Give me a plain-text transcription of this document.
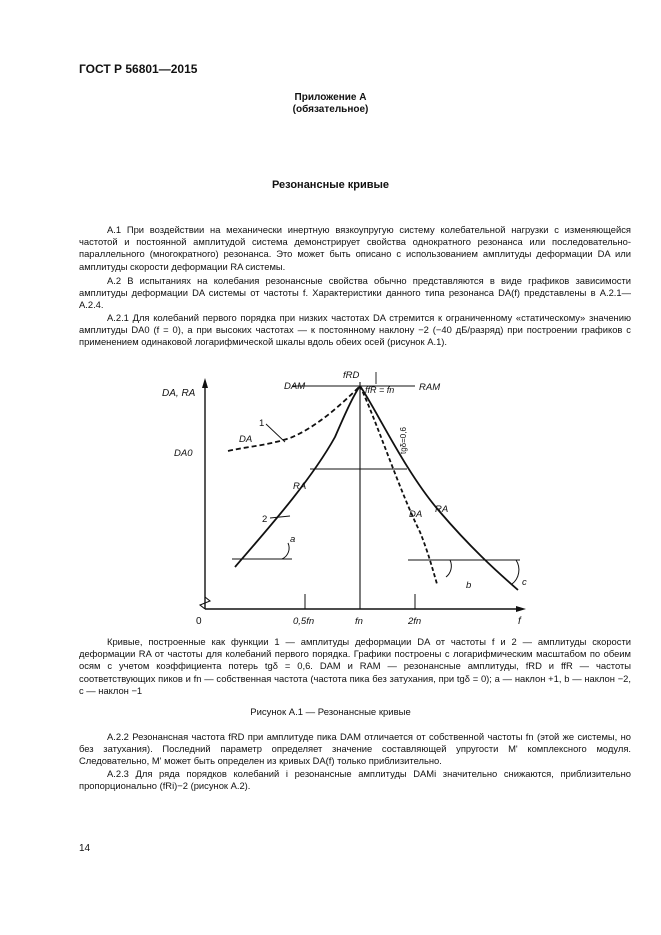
ГОСТ Р 56801—2015
Приложение А
(обязательное)
Резонансные кривые

А.1 При воздействии на механически инертную вязкоупругую систему колебательной нагрузки с изменяющейся частотой и постоянной амплитудой система демонстрирует свойства однократного резонанса или последовательно-параллельного (многократного) резонанса. Это может быть описано с использованием амплитуды деформации DA или амплитуды скорости деформации RA системы.

А.2 В испытаниях на колебания резонансные свойства обычно представляются в виде графиков зависимости амплитуды деформации DA системы от частоты f. Характеристики данного типа резонанса DA(f) представлены в А.2.1—А.2.4.

А.2.1 Для колебаний первого порядка при низких частотах DA стремится к ограниченному «статическому» значению амплитуды DA0 (f = 0), а при высоких частотах — к постоянному наклону −2 (−40 дБ/разряд) при построении графиков с применением одинаковой логарифмической шкалы вдоль обеих осей (рисунок А.1).

DA, RA
f
0	0,5fn	fn	2fn
fRD
ffR = fn
DAM	RAM
DA0
1
2
DA
RA
DA RA
tgδ=0,6
a
b	c

Кривые, построенные как функции 1 — амплитуды деформации DA от частоты f и 2 — амплитуды скорости деформации RA от частоты для колебаний первого порядка. Графики построены с логарифмическим масштабом по обеим осям с учетом коэффициента потерь tgδ = 0,6. DAM и RAM — резонансные амплитуды, fRD и ffR — частоты соответствующих пиков и fn — собственная частота (частота пика без затухания, при tgδ = 0); a — наклон +1, b — наклон −2, c — наклон −1

Рисунок А.1 — Резонансные кривые

А.2.2 Резонансная частота fRD при амплитуде пика DAM отличается от собственной частоты fn (этой же системы, но без затухания). Последний параметр определяет значение составляющей упругости M' комплексного модуля. Следовательно, M' может быть определен из кривых DA(f) только приблизительно.

А.2.3 Для ряда порядков колебаний i резонансные амплитуды DAMi значительно снижаются, приблизительно пропорционально (fRi)−2 (рисунок А.2).

14
